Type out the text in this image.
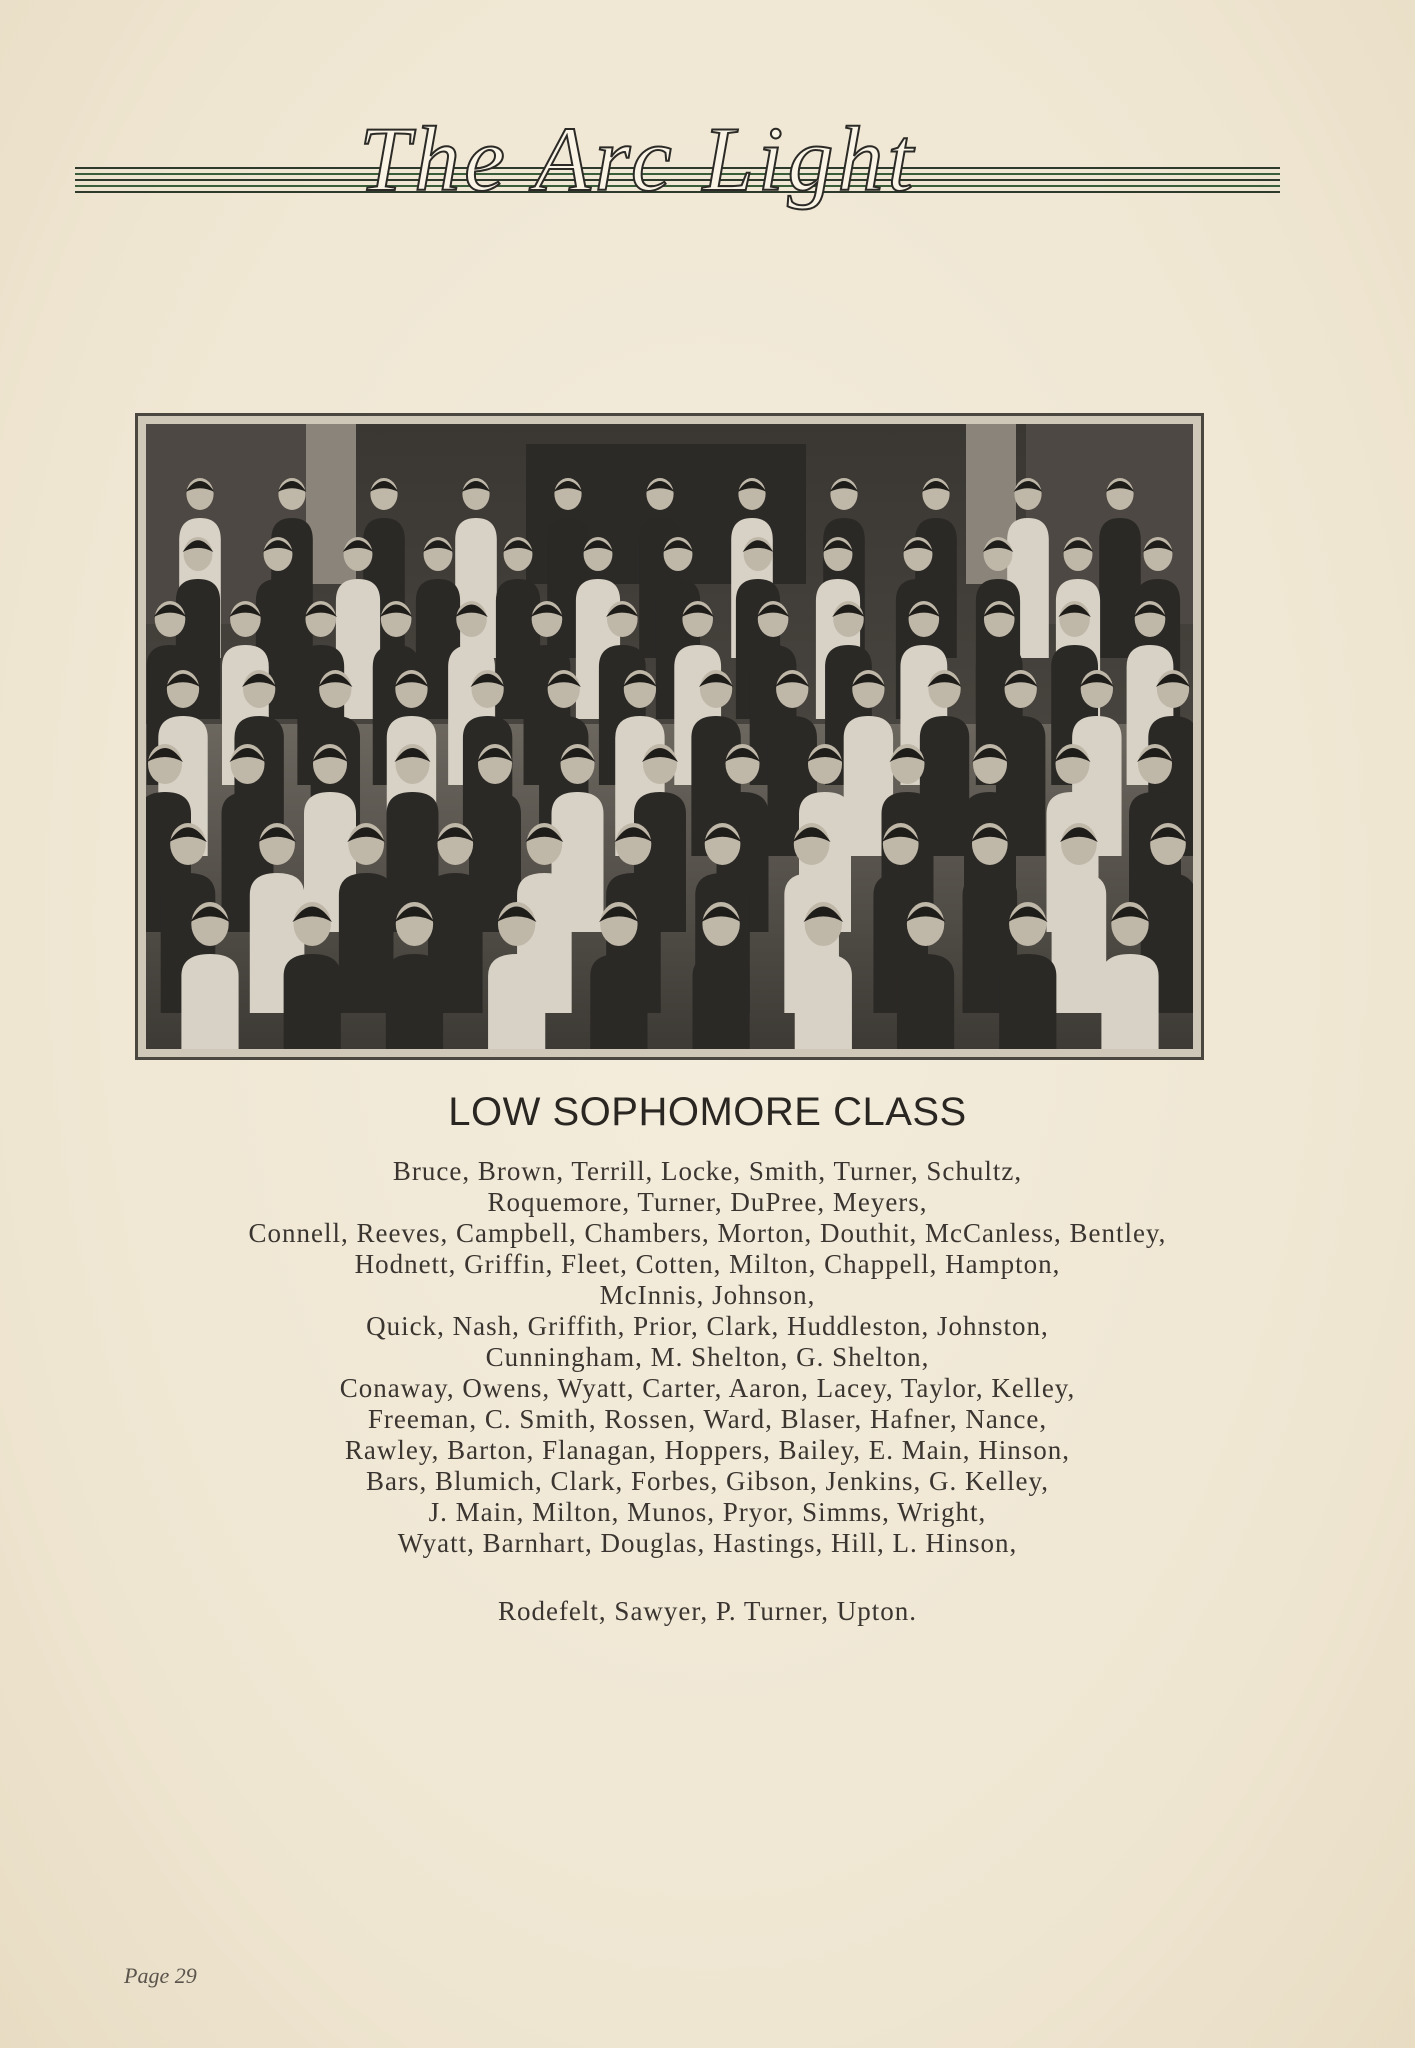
The Arc Light
LOW SOPHOMORE CLASS
Bruce, Brown, Terrill, Locke, Smith, Turner, Schultz,
Roquemore, Turner, DuPree, Meyers,
Connell, Reeves, Campbell, Chambers, Morton, Douthit, McCanless, Bentley,
Hodnett, Griffin, Fleet, Cotten, Milton, Chappell, Hampton,
McInnis, Johnson,
Quick, Nash, Griffith, Prior, Clark, Huddleston, Johnston,
Cunningham, M. Shelton, G. Shelton,
Conaway, Owens, Wyatt, Carter, Aaron, Lacey, Taylor, Kelley,
Freeman, C. Smith, Rossen, Ward, Blaser, Hafner, Nance,
Rawley, Barton, Flanagan, Hoppers, Bailey, E. Main, Hinson,
Bars, Blumich, Clark, Forbes, Gibson, Jenkins, G. Kelley,
J. Main, Milton, Munos, Pryor, Simms, Wright,
Wyatt, Barnhart, Douglas, Hastings, Hill, L. Hinson,
Rodefelt, Sawyer, P. Turner, Upton.
Page 29
